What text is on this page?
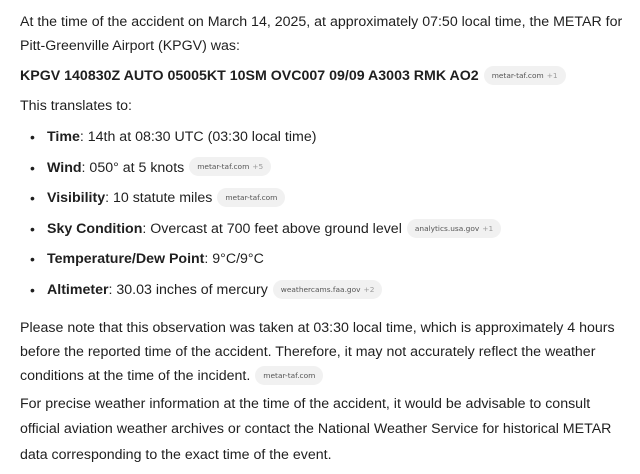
At the time of the accident on March 14, 2025, at approximately 07:50 local time, the METAR for Pitt-Greenville Airport (KPGV) was:

KPGV 140830Z AUTO 05005KT 10SM OVC007 09/09 A3003 RMK AO2 metar-taf.com +1

This translates to:

• Time: 14th at 08:30 UTC (03:30 local time)
• Wind: 050° at 5 knots metar-taf.com +5
• Visibility: 10 statute miles metar-taf.com
• Sky Condition: Overcast at 700 feet above ground level analytics.usa.gov +1
• Temperature/Dew Point: 9°C/9°C
• Altimeter: 30.03 inches of mercury weathercams.faa.gov +2

Please note that this observation was taken at 03:30 local time, which is approximately 4 hours before the reported time of the accident. Therefore, it may not accurately reflect the weather conditions at the time of the incident. metar-taf.com

For precise weather information at the time of the accident, it would be advisable to consult official aviation weather archives or contact the National Weather Service for historical METAR data corresponding to the exact time of the event.
